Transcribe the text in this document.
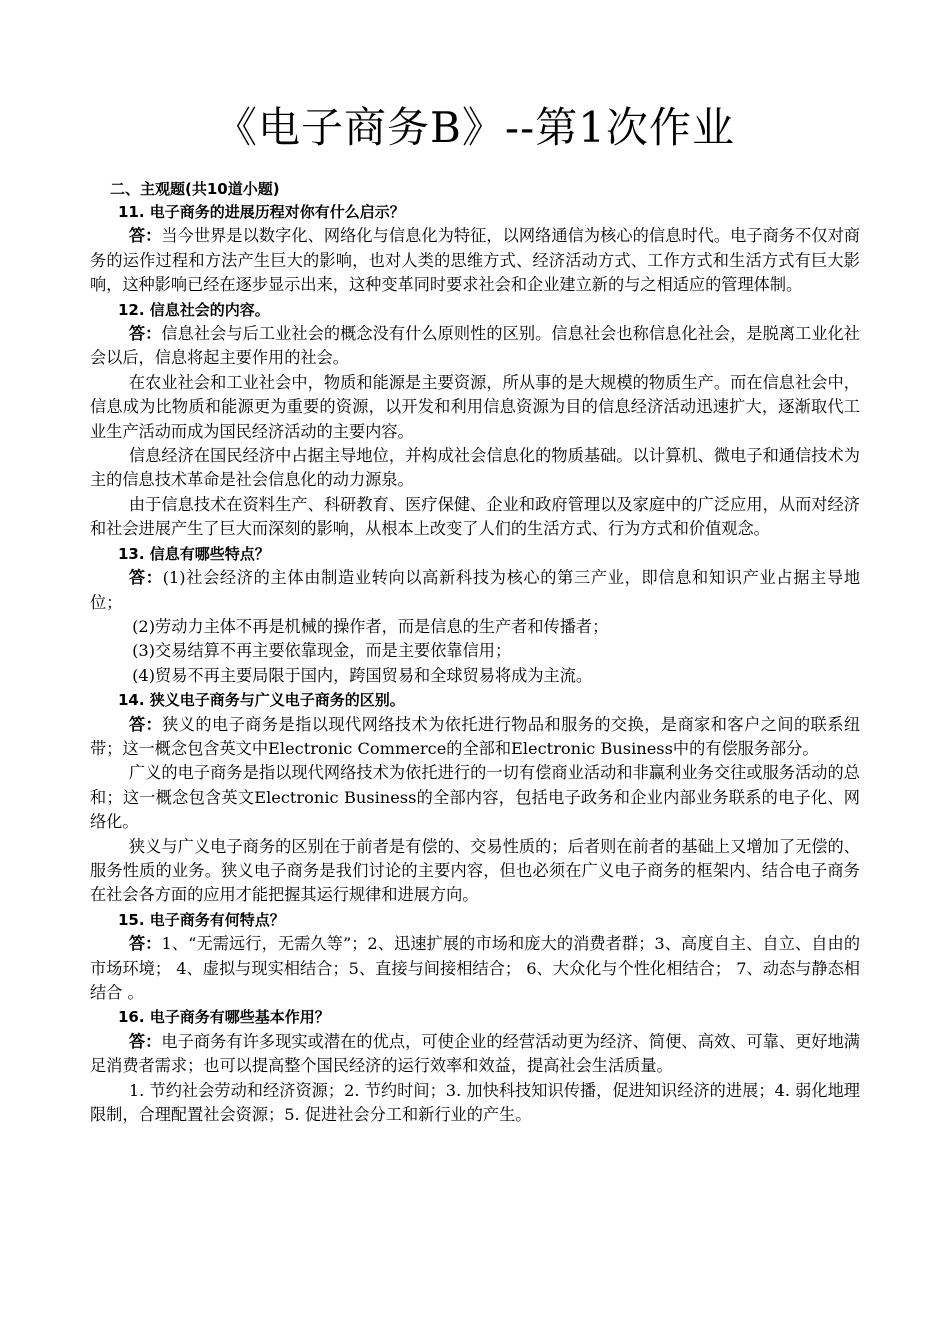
《电子商务B》--第1次作业
二、主观题(共10道小题)
11. 电子商务的进展历程对你有什么启示？
答：当今世界是以数字化、网络化与信息化为特征，以网络通信为核心的信息时代。电子商务不仅对商务的运作过程和方法产生巨大的影响，也对人类的思维方式、经济活动方式、工作方式和生活方式有巨大影响，这种影响已经在逐步显示出来，这种变革同时要求社会和企业建立新的与之相适应的管理体制。
12. 信息社会的内容。
答：信息社会与后工业社会的概念没有什么原则性的区别。信息社会也称信息化社会，是脱离工业化社会以后，信息将起主要作用的社会。
在农业社会和工业社会中，物质和能源是主要资源，所从事的是大规模的物质生产。而在信息社会中，信息成为比物质和能源更为重要的资源，以开发和利用信息资源为目的信息经济活动迅速扩大，逐渐取代工业生产活动而成为国民经济活动的主要内容。
信息经济在国民经济中占据主导地位，并构成社会信息化的物质基础。以计算机、微电子和通信技术为主的信息技术革命是社会信息化的动力源泉。
由于信息技术在资料生产、科研教育、医疗保健、企业和政府管理以及家庭中的广泛应用，从而对经济和社会进展产生了巨大而深刻的影响，从根本上改变了人们的生活方式、行为方式和价值观念。
13. 信息有哪些特点？
答：(1)社会经济的主体由制造业转向以高新科技为核心的第三产业，即信息和知识产业占据主导地位；
(2)劳动力主体不再是机械的操作者，而是信息的生产者和传播者；
(3)交易结算不再主要依靠现金，而是主要依靠信用；
(4)贸易不再主要局限于国内，跨国贸易和全球贸易将成为主流。
14. 狭义电子商务与广义电子商务的区别。
答：狭义的电子商务是指以现代网络技术为依托进行物品和服务的交换，是商家和客户之间的联系纽带；这一概念包含英文中Electronic Commerce的全部和Electronic Business中的有偿服务部分。
广义的电子商务是指以现代网络技术为依托进行的一切有偿商业活动和非赢利业务交往或服务活动的总和；这一概念包含英文Electronic Business的全部内容，包括电子政务和企业内部业务联系的电子化、网络化。
狭义与广义电子商务的区别在于前者是有偿的、交易性质的；后者则在前者的基础上又增加了无偿的、服务性质的业务。狭义电子商务是我们讨论的主要内容，但也必须在广义电子商务的框架内、结合电子商务在社会各方面的应用才能把握其运行规律和进展方向。
15. 电子商务有何特点？
答：1、“无需远行，无需久等”；2、迅速扩展的市场和庞大的消费者群；3、高度自主、自立、自由的市场环境； 4、虚拟与现实相结合；5、直接与间接相结合； 6、大众化与个性化相结合； 7、动态与静态相结合 。
16. 电子商务有哪些基本作用？
答：电子商务有许多现实或潜在的优点，可使企业的经营活动更为经济、简便、高效、可靠、更好地满足消费者需求；也可以提高整个国民经济的运行效率和效益，提高社会生活质量。
1. 节约社会劳动和经济资源；2. 节约时间；3. 加快科技知识传播，促进知识经济的进展；4. 弱化地理限制，合理配置社会资源；5. 促进社会分工和新行业的产生。
